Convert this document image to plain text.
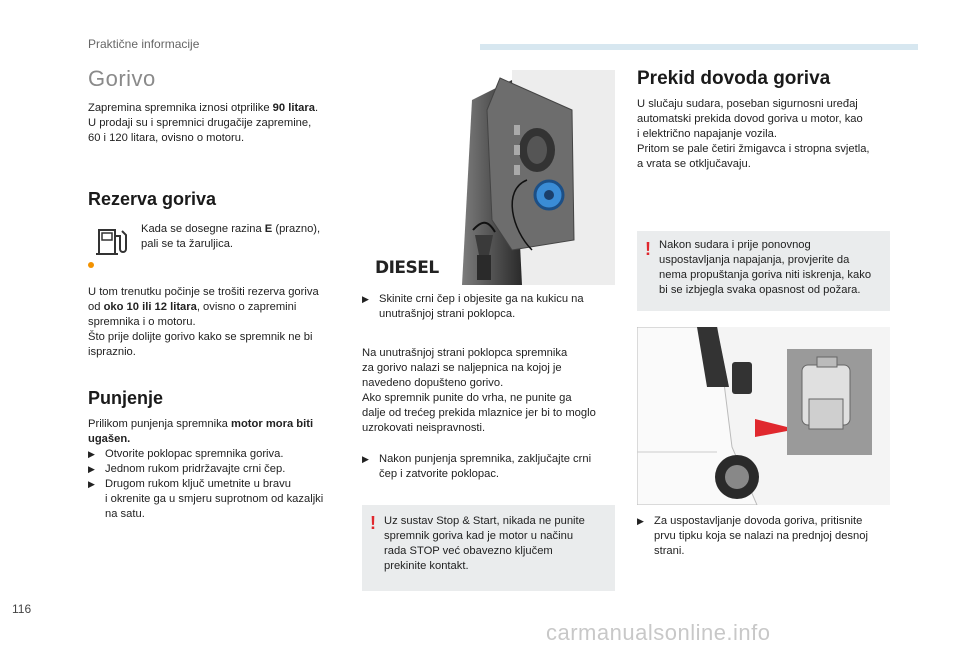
Praktične informacije
Gorivo
Zapremina spremnika iznosi otprilike 90 litara.
U prodaji su i spremnici drugačije zapremine,
60 i 120 litara, ovisno o motoru.
Rezerva goriva
Kada se dosegne razina E (prazno),
pali se ta žaruljica.
U tom trenutku počinje se trošiti rezerva goriva
od oko 10 ili 12 litara, ovisno o zapremini
spremnika i o motoru.
Što prije dolijte gorivo kako se spremnik ne bi
ispraznio.
Punjenje
Prilikom punjenja spremnika motor mora biti
ugašen.
▶ Otvorite poklopac spremnika goriva.
▶ Jednom rukom pridržavajte crni čep.
▶ Drugom rukom ključ umetnite u bravu
i okrenite ga u smjeru suprotnom od kazaljki
na satu.
DIESEL
▶ Skinite crni čep i objesite ga na kukicu na
unutrašnjoj strani poklopca.
Na unutrašnjoj strani poklopca spremnika
za gorivo nalazi se naljepnica na kojoj je
navedeno dopušteno gorivo.
Ako spremnik punite do vrha, ne punite ga
dalje od trećeg prekida mlaznice jer bi to moglo
uzrokovati neispravnosti.
▶ Nakon punjenja spremnika, zaključajte crni
čep i zatvorite poklopac.
! Uz sustav Stop & Start, nikada ne punite
spremnik goriva kad je motor u načinu
rada STOP već obavezno ključem
prekinite kontakt.
Prekid dovoda goriva
U slučaju sudara, poseban sigurnosni uređaj
automatski prekida dovod goriva u motor, kao
i električno napajanje vozila.
Pritom se pale četiri žmigavca i stropna svjetla,
a vrata se otključavaju.
! Nakon sudara i prije ponovnog
uspostavljanja napajanja, provjerite da
nema propuštanja goriva niti iskrenja, kako
bi se izbjegla svaka opasnost od požara.
▶ Za uspostavljanje dovoda goriva, pritisnite
prvu tipku koja se nalazi na prednjoj desnoj
strani.
116
carmanualsonline.info
